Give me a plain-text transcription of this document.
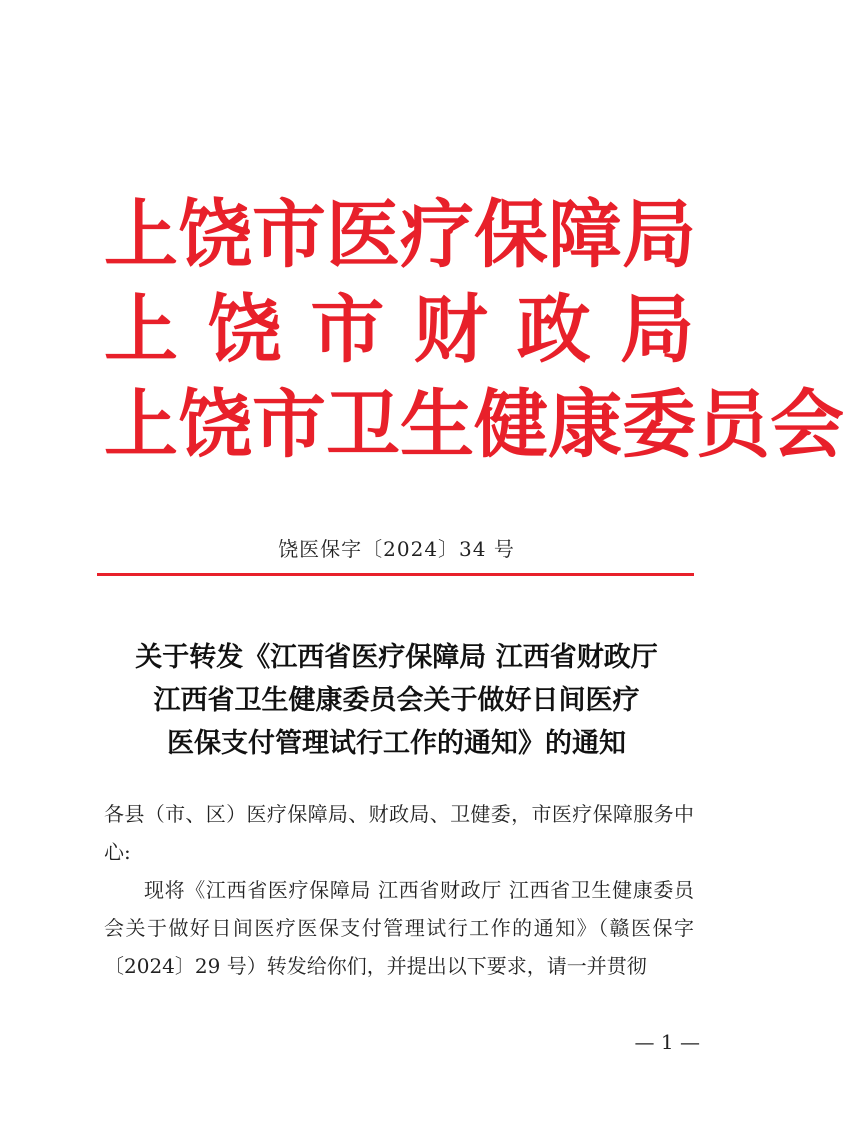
上饶市医疗保障局
上 饶 市 财 政 局
上饶市卫生健康委员会
饶医保字〔2024〕34 号
关于转发《江西省医疗保障局 江西省财政厅
江西省卫生健康委员会关于做好日间医疗
医保支付管理试行工作的通知》的通知

各县（市、区）医疗保障局、财政局、卫健委，市医疗保障服务中心:

现将《江西省医疗保障局 江西省财政厅 江西省卫生健康委员会关于做好日间医疗医保支付管理试行工作的通知》（赣医保字〔2024〕29 号）转发给你们，并提出以下要求，请一并贯彻

— 1 —
